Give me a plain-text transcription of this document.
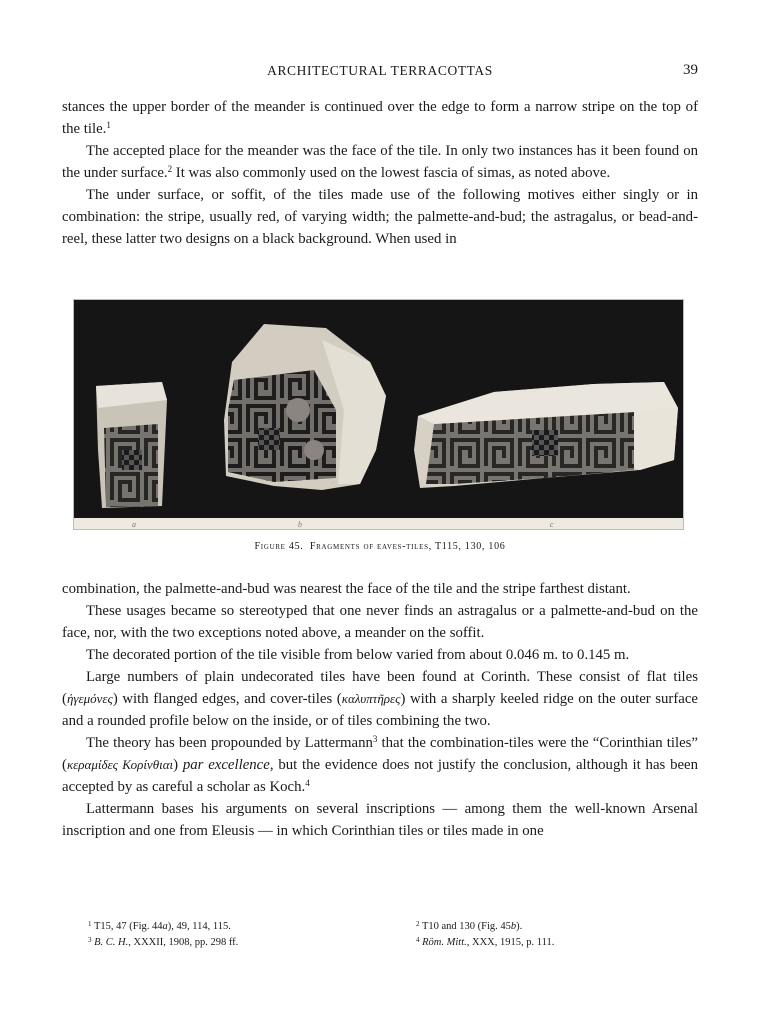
ARCHITECTURAL TERRACOTTAS	39

stances the upper border of the meander is continued over the edge to form a narrow stripe on the top of the tile.$^1$

The accepted place for the meander was the face of the tile. In only two instances has it been found on the under surface.$^2$ It was also commonly used on the lowest fascia of simas, as noted above.

The under surface, or soffit, of the tiles made use of the following motives either singly or in combination: the stripe, usually red, of varying width; the palmette-and-bud; the astragalus, or bead-and-reel, these latter two designs on a black background. When used in

a	b	c
Figure 45. Fragments of eaves-tiles, T115, 130, 106

combination, the palmette-and-bud was nearest the face of the tile and the stripe farthest distant.

These usages became so stereotyped that one never finds an astragalus or a palmette-and-bud on the face, nor, with the two exceptions noted above, a meander on the soffit.

The decorated portion of the tile visible from below varied from about 0.046 m. to 0.145 m.

Large numbers of plain undecorated tiles have been found at Corinth. These consist of flat tiles (ἡγεμόνες) with flanged edges, and cover-tiles (καλυπτῆρες) with a sharply keeled ridge on the outer surface and a rounded profile below on the inside, or of tiles combining the two.

The theory has been propounded by Lattermann$^3$ that the combination-tiles were the “Corinthian tiles” (κεραμίδες Κορίνθιαι) par excellence, but the evidence does not justify the conclusion, although it has been accepted by as careful a scholar as Koch.$^4$

Lattermann bases his arguments on several inscriptions — among them the well-known Arsenal inscription and one from Eleusis — in which Corinthian tiles or tiles made in one

$^1$ T15, 47 (Fig. 44a), 49, 114, 115.	$^2$ T10 and 130 (Fig. 45b).
$^3$ B. C. H., XXXII, 1908, pp. 298 ff.	$^4$ Röm. Mitt., XXX, 1915, p. 111.
